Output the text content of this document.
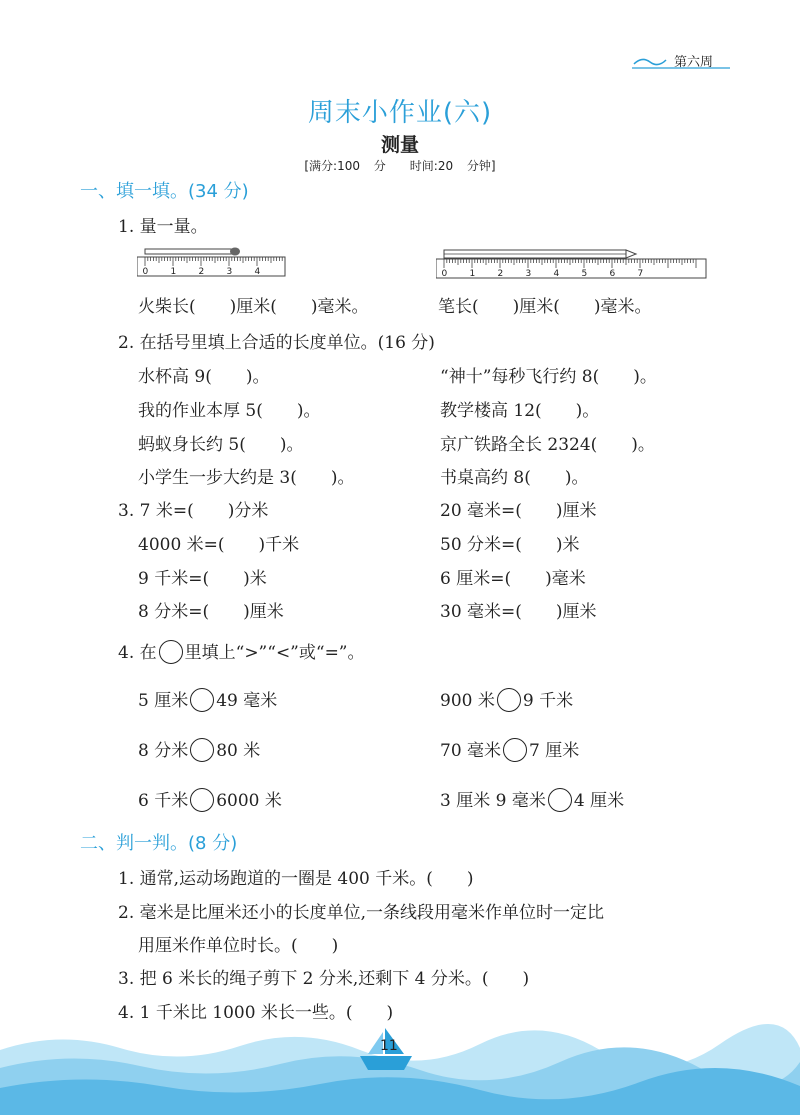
第六周
周末小作业(六)
测量
[满分:100 分　　时间:20 分钟]
一、填一填。(34 分)
1. 量一量。
0 1 2 3 4	0 1 2 3 4 5 6 7
火柴长(　　)厘米(　　)毫米。	笔长(　　)厘米(　　)毫米。
2. 在括号里填上合适的长度单位。(16 分)
水杯高 9(　　)。	“神十”每秒飞行约 8(　　)。
我的作业本厚 5(　　)。	教学楼高 12(　　)。
蚂蚁身长约 5(　　)。	京广铁路全长 2324(　　)。
小学生一步大约是 3(　　)。	书桌高约 8(　　)。
3. 7 米=(　　)分米	20 毫米=(　　)厘米
4000 米=(　　)千米	50 分米=(　　)米
9 千米=(　　)米	6 厘米=(　　)毫米
8 分米=(　　)厘米	30 毫米=(　　)厘米
4. 在 里填上“>”“<”或“=”。
5 厘米 49 毫米	900 米 9 千米
8 分米 80 米	70 毫米 7 厘米
6 千米 6000 米	3 厘米 9 毫米 4 厘米
二、判一判。(8 分)
1. 通常,运动场跑道的一圈是 400 千米。(　　)
2. 毫米是比厘米还小的长度单位,一条线段用毫米作单位时一定比
用厘米作单位时长。(　　)
3. 把 6 米长的绳子剪下 2 分米,还剩下 4 分米。(　　)
4. 1 千米比 1000 米长一些。(　　)
11
